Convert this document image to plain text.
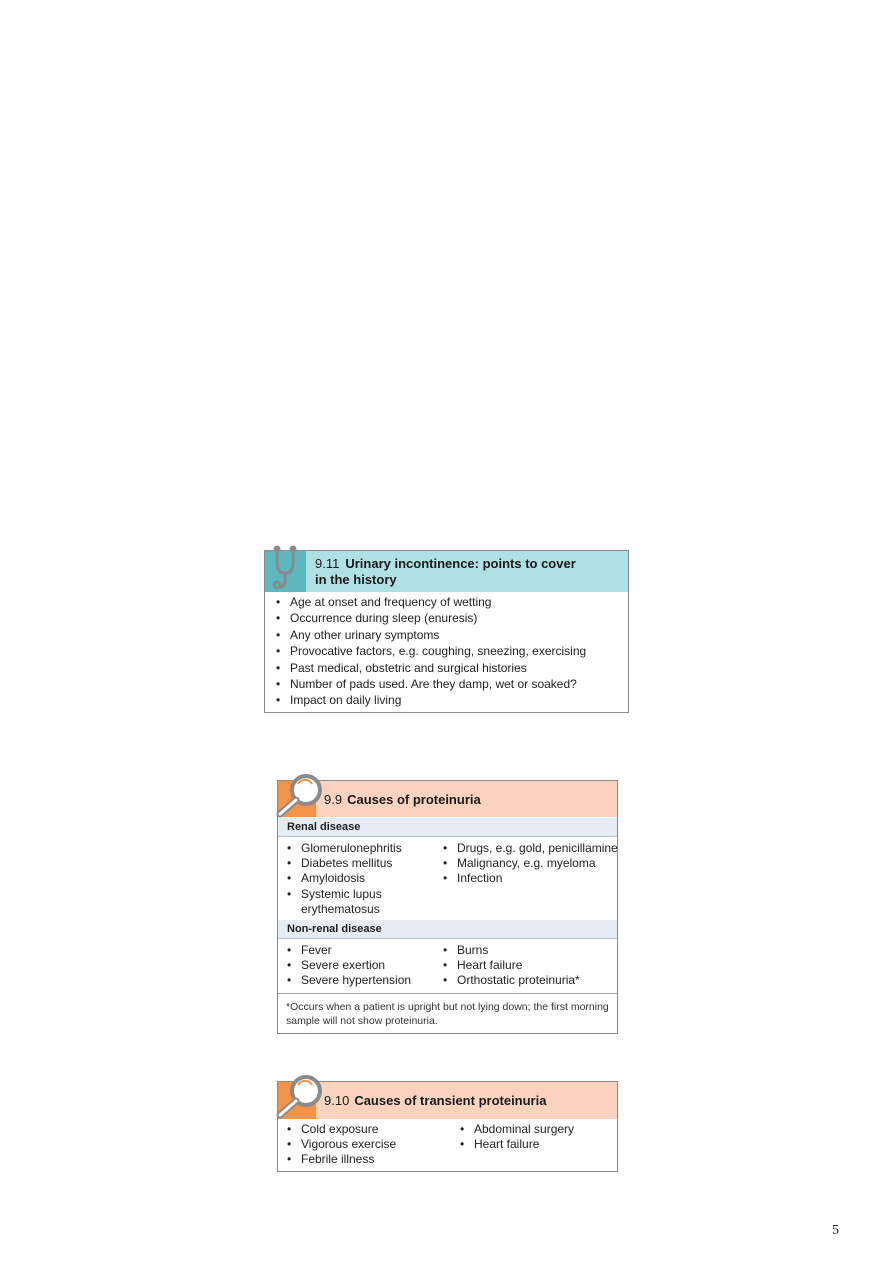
9.11 Urinary incontinence: points to cover
in the history
• Age at onset and frequency of wetting
• Occurrence during sleep (enuresis)
• Any other urinary symptoms
• Provocative factors, e.g. coughing, sneezing, exercising
• Past medical, obstetric and surgical histories
• Number of pads used. Are they damp, wet or soaked?
• Impact on daily living
9.9 Causes of proteinuria
Renal disease
• Glomerulonephritis
• Diabetes mellitus
• Amyloidosis
• Systemic lupus erythematosus
• Drugs, e.g. gold, penicillamine
• Malignancy, e.g. myeloma
• Infection
Non-renal disease
• Fever
• Severe exertion
• Severe hypertension
• Burns
• Heart failure
• Orthostatic proteinuria*
*Occurs when a patient is upright but not lying down; the first morning sample will not show proteinuria.
9.10 Causes of transient proteinuria
• Cold exposure
• Vigorous exercise
• Febrile illness
• Abdominal surgery
• Heart failure
5
